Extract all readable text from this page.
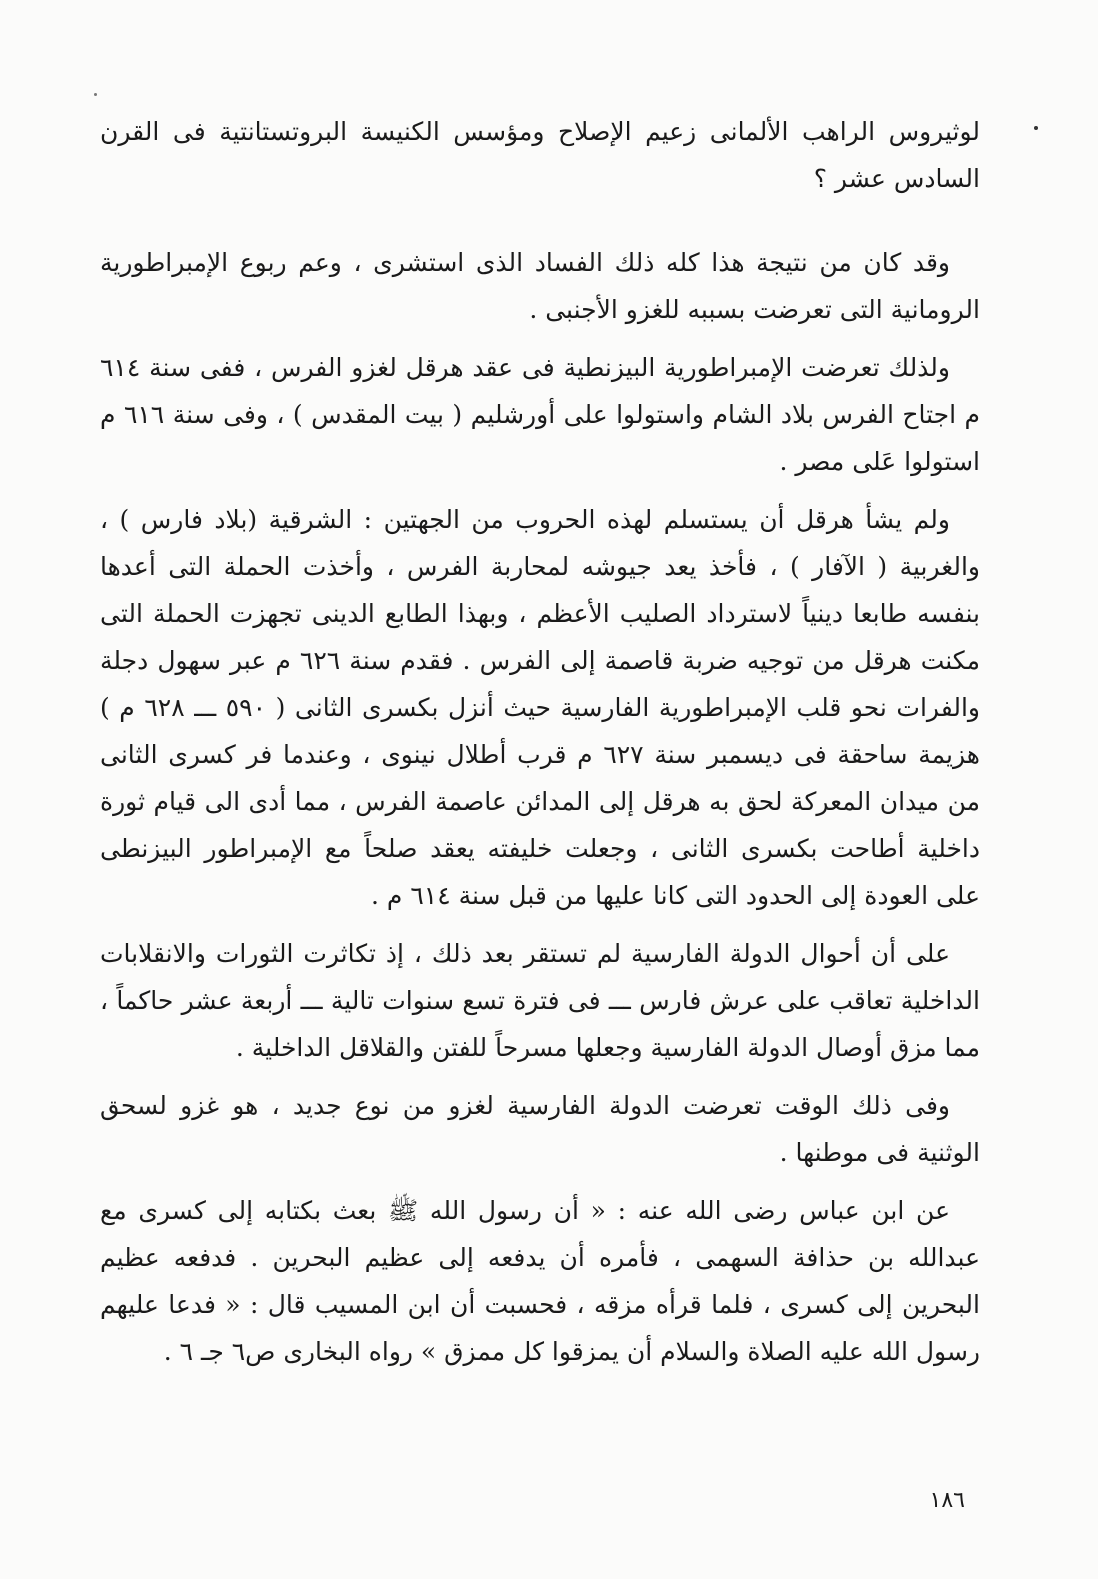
لوثيروس الراهب الألمانى زعيم الإصلاح ومؤسس الكنيسة البروتستانتية فى القرن السادس عشر ؟

وقد كان من نتيجة هذا كله ذلك الفساد الذى استشرى ، وعم ربوع الإمبراطورية الرومانية التى تعرضت بسببه للغزو الأجنبى .

ولذلك تعرضت الإمبراطورية البيزنطية فى عقد هرقل لغزو الفرس ، ففى سنة ٦١٤ م اجتاح الفرس بلاد الشام واستولوا على أورشليم ( بيت المقدس ) ، وفى سنة ٦١٦ م استولوا عَلى مصر .

ولم يشأ هرقل أن يستسلم لهذه الحروب من الجهتين : الشرقية (بلاد فارس ) ، والغربية ( الآفار ) ، فأخذ يعد جيوشه لمحاربة الفرس ، وأخذت الحملة التى أعدها بنفسه طابعا دينياً لاسترداد الصليب الأعظم ، وبهذا الطابع الدينى تجهزت الحملة التى مكنت هرقل من توجيه ضربة قاصمة إلى الفرس . فقدم سنة ٦٢٦ م عبر سهول دجلة والفرات نحو قلب الإمبراطورية الفارسية حيث أنزل بكسرى الثانى ( ٥٩٠ ـــ ٦٢٨ م ) هزيمة ساحقة فى ديسمبر سنة ٦٢٧ م قرب أطلال نينوى ، وعندما فر كسرى الثانى من ميدان المعركة لحق به هرقل إلى المدائن عاصمة الفرس ، مما أدى الى قيام ثورة داخلية أطاحت بكسرى الثانى ، وجعلت خليفته يعقد صلحاً مع الإمبراطور البيزنطى على العودة إلى الحدود التى كانا عليها من قبل سنة ٦١٤ م .

على أن أحوال الدولة الفارسية لم تستقر بعد ذلك ، إذ تكاثرت الثورات والانقلابات الداخلية تعاقب على عرش فارس ـــ فى فترة تسع سنوات تالية ـــ أربعة عشر حاكماً ، مما مزق أوصال الدولة الفارسية وجعلها مسرحاً للفتن والقلاقل الداخلية .

وفى ذلك الوقت تعرضت الدولة الفارسية لغزو من نوع جديد ، هو غزو لسحق الوثنية فى موطنها .

عن ابن عباس رضى الله عنه : « أن رسول الله ﷺ بعث بكتابه إلى كسرى مع عبدالله بن حذافة السهمى ، فأمره أن يدفعه إلى عظيم البحرين . فدفعه عظيم البحرين إلى كسرى ، فلما قرأه مزقه ، فحسبت أن ابن المسيب قال : « فدعا عليهم رسول الله عليه الصلاة والسلام أن يمزقوا كل ممزق » رواه البخارى ص٦ جـ ٦ .

١٨٦
